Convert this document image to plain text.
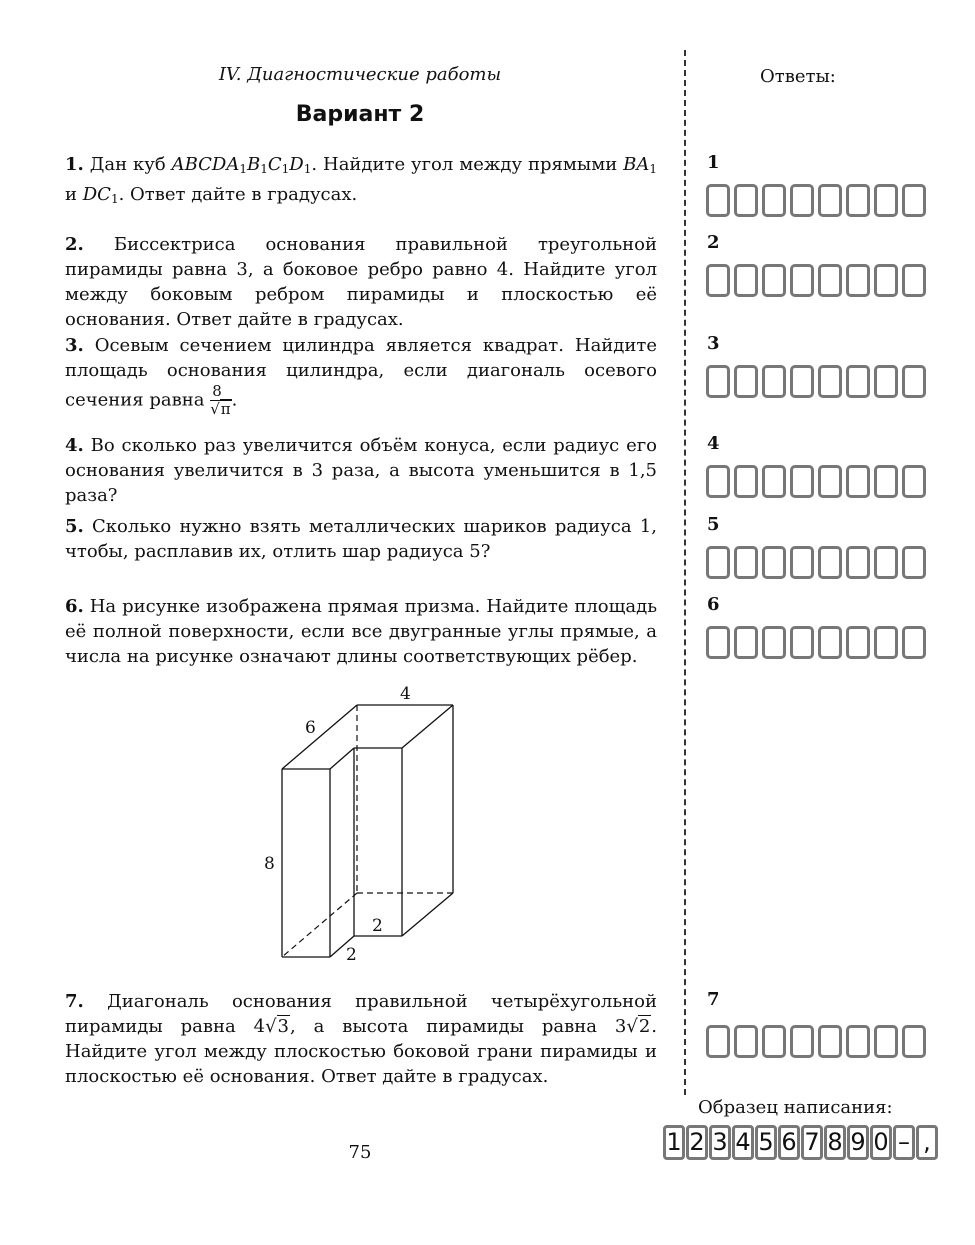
IV. Диагностические работы
Вариант 2
Ответы:
1. Дан куб $ABCDA_1B_1C_1D_1$. Найдите угол между прямыми $BA_1$ и $DC_1$. Ответ дайте в градусах.
2. Биссектриса основания правильной треугольной пирамиды равна 3, а боковое ребро равно 4. Найдите угол между боковым ребром пирамиды и плоскостью её основания. Ответ дайте в градусах.
3. Осевым сечением цилиндра является квадрат. Найдите площадь основания цилиндра, если диагональ осевого сечения равна $\frac{8}{√\pi}$ .
4. Во сколько раз увеличится объём конуса, если радиус его основания увеличится в 3 раза, а высота уменьшится в 1,5 раза?
5. Сколько нужно взять металлических шариков радиуса 1, чтобы, расплавив их, отлить шар радиуса 5?
6. На рисунке изображена прямая призма. Найдите площадь её полной поверхности, если все двугранные углы прямые, а числа на рисунке означают длины соответствующих рёбер.
4
6
8
2
2
7. Диагональ основания правильной четырёхугольной пирамиды равна 4√3, а высота пирамиды равна 3√2. Найдите угол между плоскостью боковой грани пирамиды и плоскостью её основания. Ответ дайте в градусах.
1
2
3
4
5
6
7
Образец написания:
1 2 3 4 5 6 7 8 9 0 – ,
75
